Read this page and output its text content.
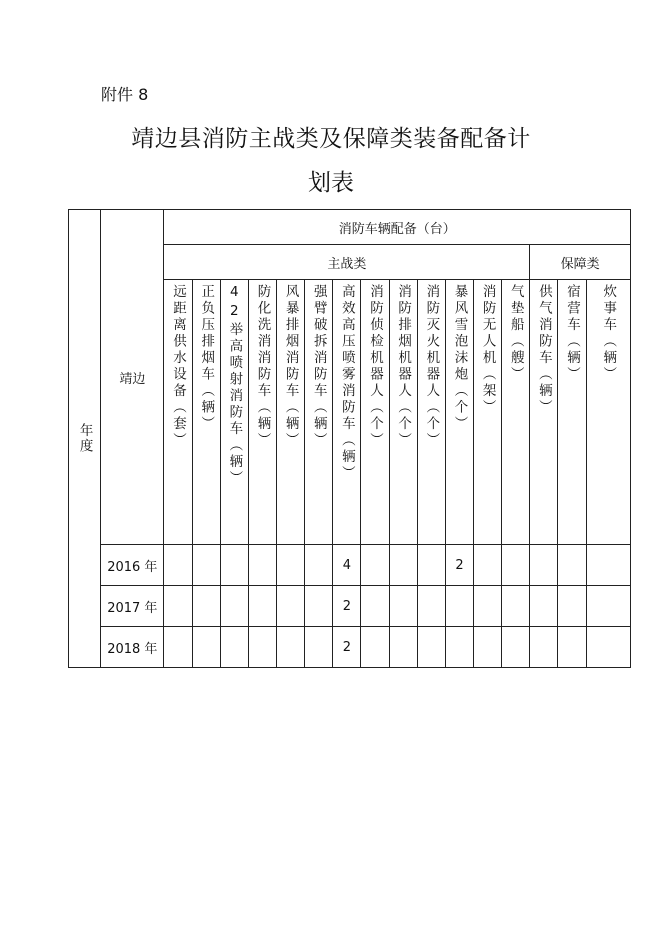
附件 8
靖边县消防主战类及保障类装备配备计
划表
年度	靖边	消防车辆配备（台）															
		主战类													保障类		

		远距离供水设备（套）	正负压排烟车（辆）	42举高喷射消防车（辆）	防化洗消消防车（辆）	风暴排烟消防车（辆）	强臂破拆消防车（辆）	高效高压喷雾消防车（辆）	消防侦检机器人（个）	消防排烟机器人（个）	消防灭火机器人（个）	暴风雪泡沫炮（个）	消防无人机（架）	气垫船（艘）	供气消防车（辆）	宿营车（辆）	炊事车（辆）

	2016 年							4				2					
	2017 年							2									
	2018 年							2									
